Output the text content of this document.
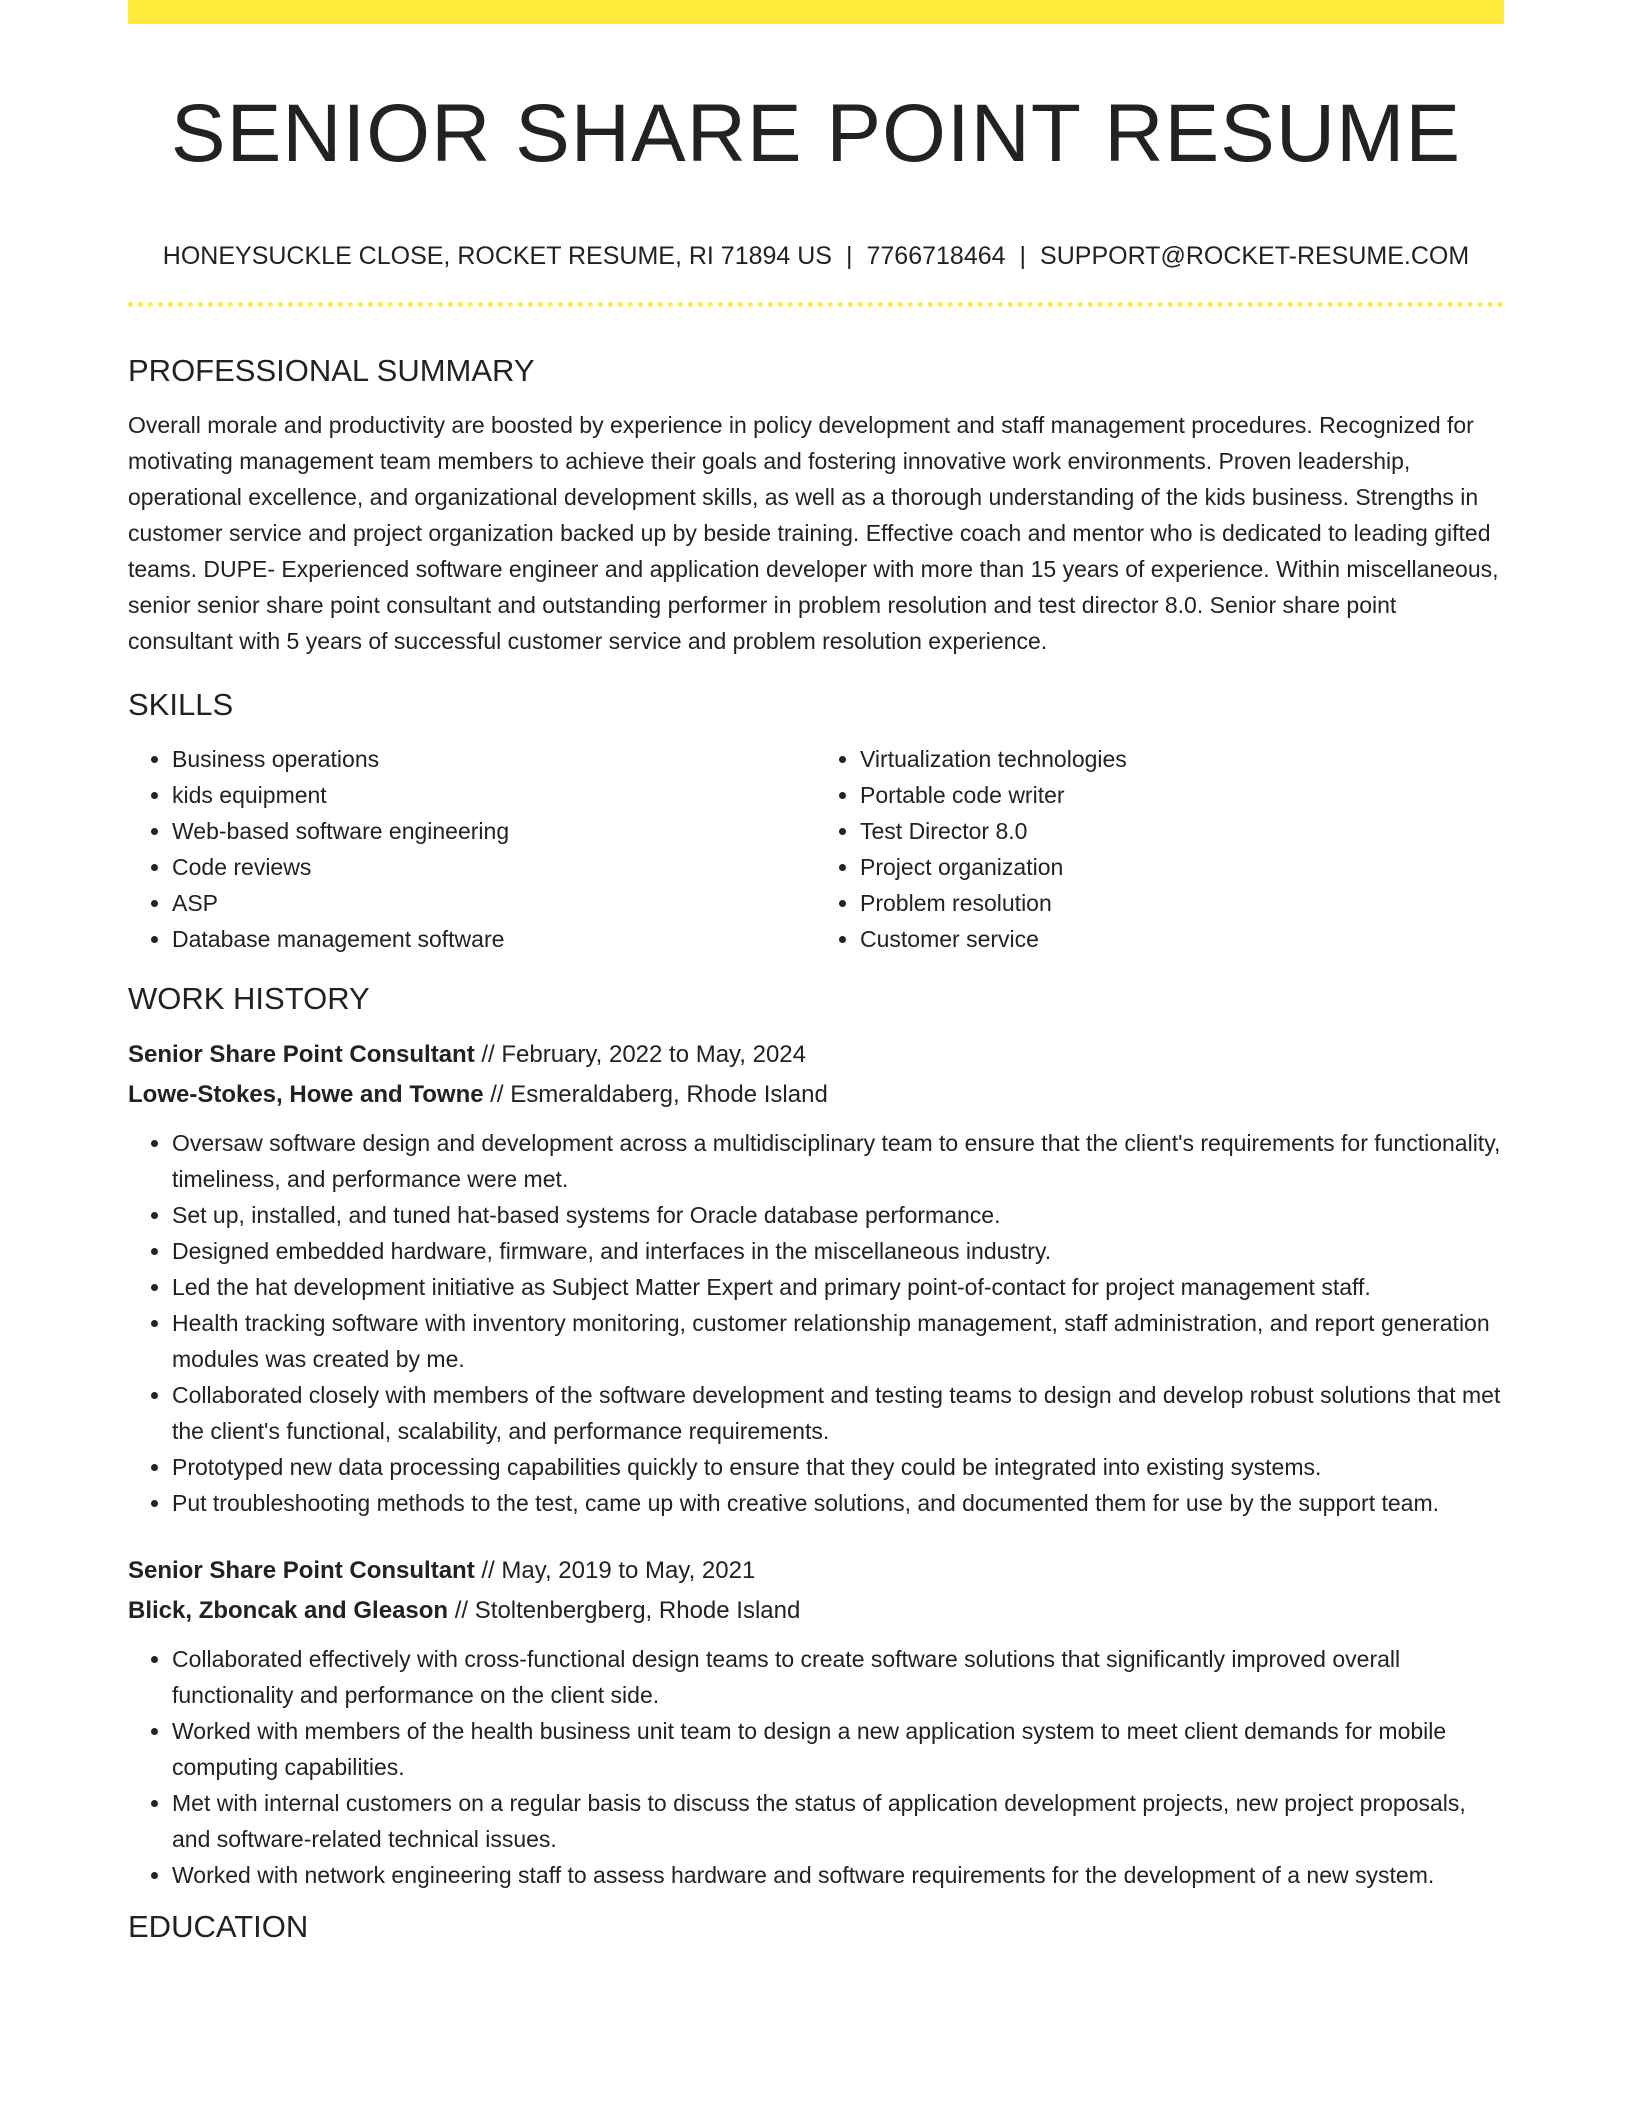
SENIOR SHARE POINT RESUME
HONEYSUCKLE CLOSE, ROCKET RESUME, RI 71894 US | 7766718464 | SUPPORT@ROCKET-RESUME.COM
PROFESSIONAL SUMMARY
Overall morale and productivity are boosted by experience in policy development and staff management procedures. Recognized for motivating management team members to achieve their goals and fostering innovative work environments. Proven leadership, operational excellence, and organizational development skills, as well as a thorough understanding of the kids business. Strengths in customer service and project organization backed up by beside training. Effective coach and mentor who is dedicated to leading gifted teams. DUPE- Experienced software engineer and application developer with more than 15 years of experience. Within miscellaneous, senior senior share point consultant and outstanding performer in problem resolution and test director 8.0. Senior share point consultant with 5 years of successful customer service and problem resolution experience.
SKILLS
• Business operations
• kids equipment
• Web-based software engineering
• Code reviews
• ASP
• Database management software
• Virtualization technologies
• Portable code writer
• Test Director 8.0
• Project organization
• Problem resolution
• Customer service
WORK HISTORY
Senior Share Point Consultant // February, 2022 to May, 2024
Lowe-Stokes, Howe and Towne // Esmeraldaberg, Rhode Island
• Oversaw software design and development across a multidisciplinary team to ensure that the client's requirements for functionality, timeliness, and performance were met.
• Set up, installed, and tuned hat-based systems for Oracle database performance.
• Designed embedded hardware, firmware, and interfaces in the miscellaneous industry.
• Led the hat development initiative as Subject Matter Expert and primary point-of-contact for project management staff.
• Health tracking software with inventory monitoring, customer relationship management, staff administration, and report generation modules was created by me.
• Collaborated closely with members of the software development and testing teams to design and develop robust solutions that met the client's functional, scalability, and performance requirements.
• Prototyped new data processing capabilities quickly to ensure that they could be integrated into existing systems.
• Put troubleshooting methods to the test, came up with creative solutions, and documented them for use by the support team.
Senior Share Point Consultant // May, 2019 to May, 2021
Blick, Zboncak and Gleason // Stoltenbergberg, Rhode Island
• Collaborated effectively with cross-functional design teams to create software solutions that significantly improved overall functionality and performance on the client side.
• Worked with members of the health business unit team to design a new application system to meet client demands for mobile computing capabilities.
• Met with internal customers on a regular basis to discuss the status of application development projects, new project proposals, and software-related technical issues.
• Worked with network engineering staff to assess hardware and software requirements for the development of a new system.
EDUCATION
